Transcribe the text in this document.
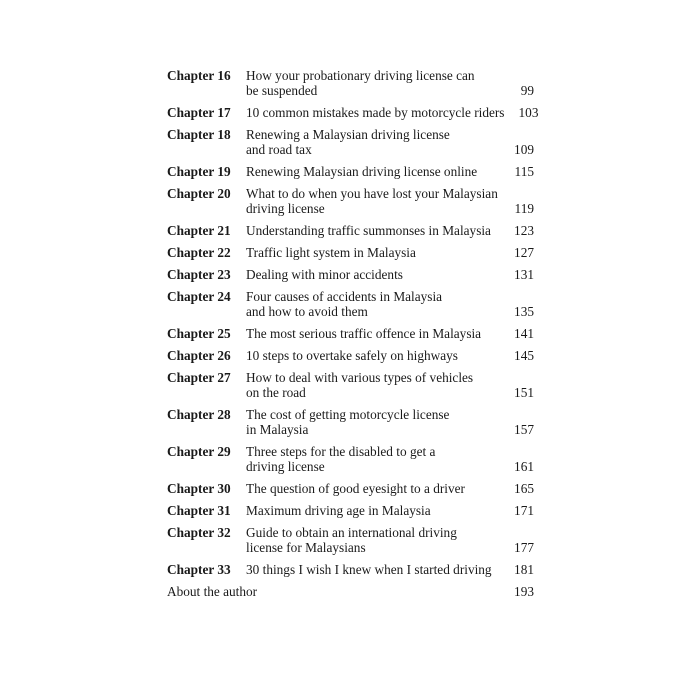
Chapter 16	How your probationary driving license can
be suspended	99
Chapter 17	10 common mistakes made by motorcycle riders	103
Chapter 18	Renewing a Malaysian driving license
and road tax	109
Chapter 19	Renewing Malaysian driving license online	115
Chapter 20	What to do when you have lost your Malaysian
driving license	119
Chapter 21	Understanding traffic summonses in Malaysia	123
Chapter 22	Traffic light system in Malaysia	127
Chapter 23	Dealing with minor accidents	131
Chapter 24	Four causes of accidents in Malaysia
and how to avoid them	135
Chapter 25	The most serious traffic offence in Malaysia	141
Chapter 26	10 steps to overtake safely on highways	145
Chapter 27	How to deal with various types of vehicles
on the road	151
Chapter 28	The cost of getting motorcycle license
in Malaysia	157
Chapter 29	Three steps for the disabled to get a
driving license	161
Chapter 30	The question of good eyesight to a driver	165
Chapter 31	Maximum driving age in Malaysia	171
Chapter 32	Guide to obtain an international driving
license for Malaysians	177
Chapter 33	30 things I wish I knew when I started driving	181
About the author	193
